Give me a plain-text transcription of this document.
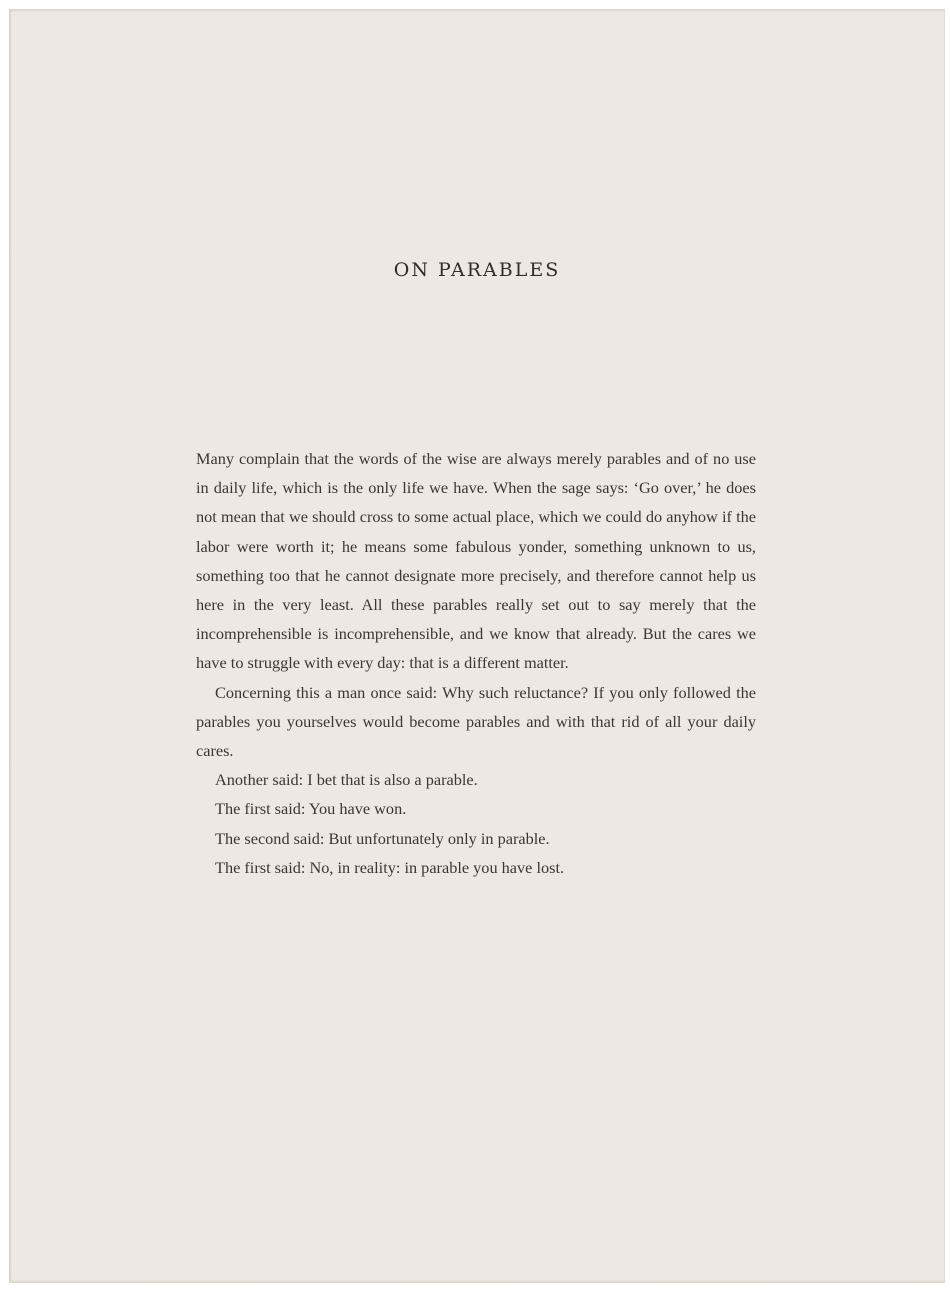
ON PARABLES

Many complain that the words of the wise are always merely parables and of no use in daily life, which is the only life we have. When the sage says: ‘Go over,’ he does not mean that we should cross to some actual place, which we could do anyhow if the labor were worth it; he means some fabulous yonder, something unknown to us, something too that he cannot designate more precisely, and therefore cannot help us here in the very least. All these parables really set out to say merely that the incomprehensible is incomprehensible, and we know that already. But the cares we have to struggle with every day: that is a different matter.

Concerning this a man once said: Why such reluctance? If you only followed the parables you yourselves would become parables and with that rid of all your daily cares.

Another said: I bet that is also a parable.

The first said: You have won.

The second said: But unfortunately only in parable.

The first said: No, in reality: in parable you have lost.
